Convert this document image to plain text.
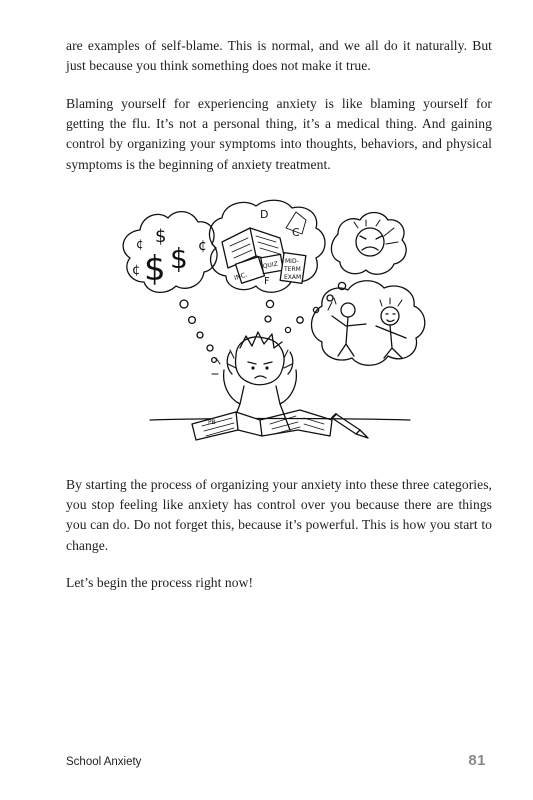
are examples of self-blame. This is normal, and we all do it naturally. But just because you think something does not make it true.

Blaming yourself for experiencing anxiety is like blaming yourself for getting the flu. It’s not a personal thing, it’s a medical thing. And gaining control by organizing your symptoms into thoughts, behaviors, and physical symptoms is the beginning of anxiety treatment.

$ $
$
¢
¢
¢
D
C
F
INC.
QUIZ MID-
TERM
EXAM
PB

By starting the process of organizing your anxiety into these three categories, you stop feeling like anxiety has control over you because there are things you can do. Do not forget this, because it’s powerful. This is how you start to change.

Let’s begin the process right now!

School Anxiety	81
